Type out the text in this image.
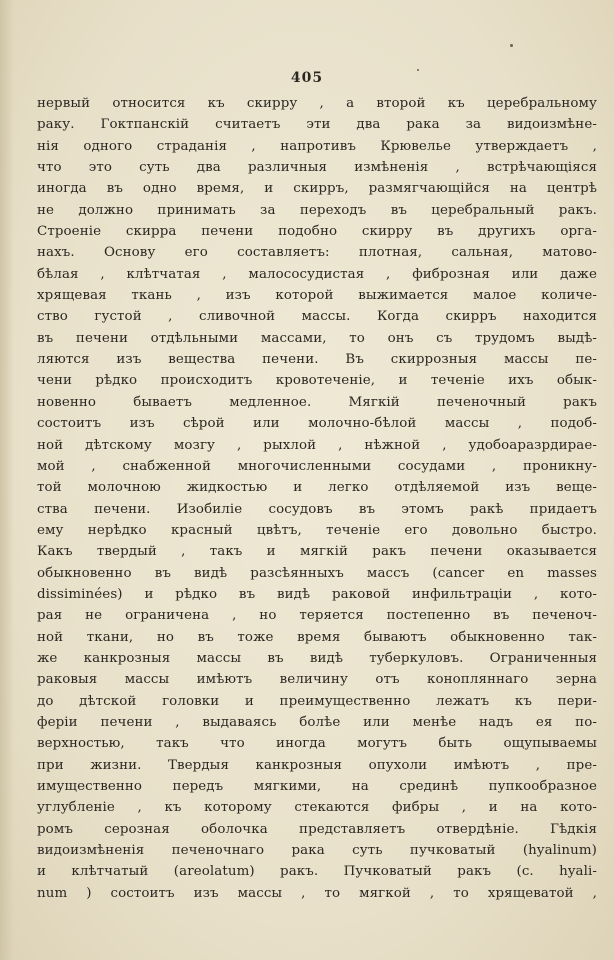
405
нервый относится къ скирру , а второй къ церебральному
раку. Гоктпанскій считаетъ эти два рака за видоизмѣне-
нія одного страданія , напротивъ Крювелье утверждаетъ ,
что это суть два различныя измѣненія , встрѣчающіяся
иногда въ одно время, и скирръ, размягчающійся на центрѣ
не должно принимать за переходъ въ церебральный ракъ.
Строеніе скирра печени подобно скирру въ другихъ орга-
нахъ. Основу его составляетъ: плотная, сальная, матово-
бѣлая , клѣтчатая , малососудистая , фиброзная или даже
хрящевая ткань , изъ которой выжимается малое количе-
ство густой , сливочной массы. Когда скирръ находится
въ печени отдѣльными массами, то онъ съ трудомъ выдѣ-
ляются изъ вещества печени. Въ скиррозныя массы пе-
чени рѣдко происходитъ кровотеченіе, и теченіе ихъ обык-
новенно бываетъ медленное. Мягкій печеночный ракъ
состоитъ изъ сѣрой или молочно-бѣлой массы , подоб-
ной дѣтскому мозгу , рыхлой , нѣжной , удобоаразрдирае-
мой , снабженной многочисленными сосудами , проникну-
той молочною жидкостью и легко отдѣляемой изъ веще-
ства печени. Изобиліе сосудовъ въ этомъ ракѣ придаетъ
ему нерѣдко красный цвѣтъ, теченіе его довольно быстро.
Какъ твердый , такъ и мягкій ракъ печени оказывается
обыкновенно въ видѣ разсѣянныхъ массъ (cancer en masses
dissiminées) и рѣдко въ видѣ раковой инфильтраціи , кото-
рая не ограничена , но теряется постепенно въ печеноч-
ной ткани, но въ тоже время бываютъ обыкновенно так-
же канкрозныя массы въ видѣ туберкуловъ. Ограниченныя
раковыя массы имѣютъ величину отъ конопляннаго зерна
до дѣтской головки и преимущественно лежатъ къ пери-
феріи печени , выдаваясь болѣе или менѣе надъ ея по-
верхностью, такъ что иногда могутъ быть ощупываемы
при жизни. Твердыя канкрозныя опухоли имѣютъ , пре-
имущественно передъ мягкими, на срединѣ пупкообразное
углубленіе , къ которому стекаются фибры , и на кото-
ромъ серозная оболочка представляетъ отвердѣніе. Гѣдкія
видоизмѣненія печеночнаго рака суть пучковатый (hyalinum)
и клѣтчатый (areolatum) ракъ. Пучковатый ракъ (с. hyali-
num ) состоитъ изъ массы , то мягкой , то хрящеватой ,
